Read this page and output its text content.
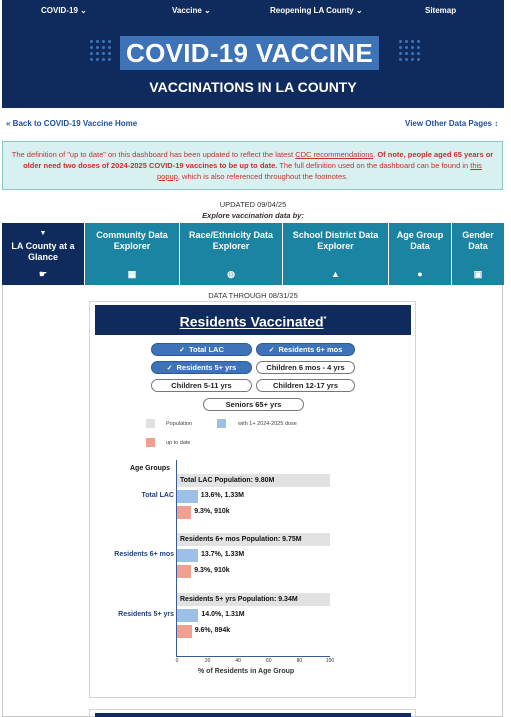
COVID-19 ⌄	Vaccine ⌄	Reopening LA County ⌄	Sitemap
COVID-19 VACCINE
VACCINATIONS IN LA COUNTY
« Back to COVID-19 Vaccine Home	View Other Data Pages ↕
The definition of "up to date" on this dashboard has been updated to reflect the latest CDC recommendations. Of note, people aged 65 years or older need two doses of 2024-2025 COVID-19 vaccines to be up to date. The full definition used on the dashboard can be found in this popup, which is also referenced throughout the footnotes.
UPDATED 09/04/25
Explore vaccination data by:
▼
LA County at a Glance
☛
Community Data Explorer
▦
Race/Ethnicity Data Explorer
◍
School District Data Explorer
▲
Age Group Data
●
Gender Data
▣
DATA THROUGH 08/31/25
Residents Vaccinated*
✓ Total LAC	✓ Residents 6+ mos
✓ Residents 5+ yrs	Children 6 mos - 4 yrs
Children 5-11 yrs	Children 12-17 yrs
Seniors 65+ yrs
Population	with 1+ 2024-2025 dose
up to date
Age Groups
Total LAC
Total LAC Population: 9.80M
13.6%, 1.33M
9.3%, 910k
Residents 6+ mos
Residents 6+ mos Population: 9.75M
13.7%, 1.33M
9.3%, 910k
Residents 5+ yrs
Residents 5+ yrs Population: 9.34M
14.0%, 1.31M
9.6%, 894k
0	20	40	60	80	100
% of Residents in Age Group
